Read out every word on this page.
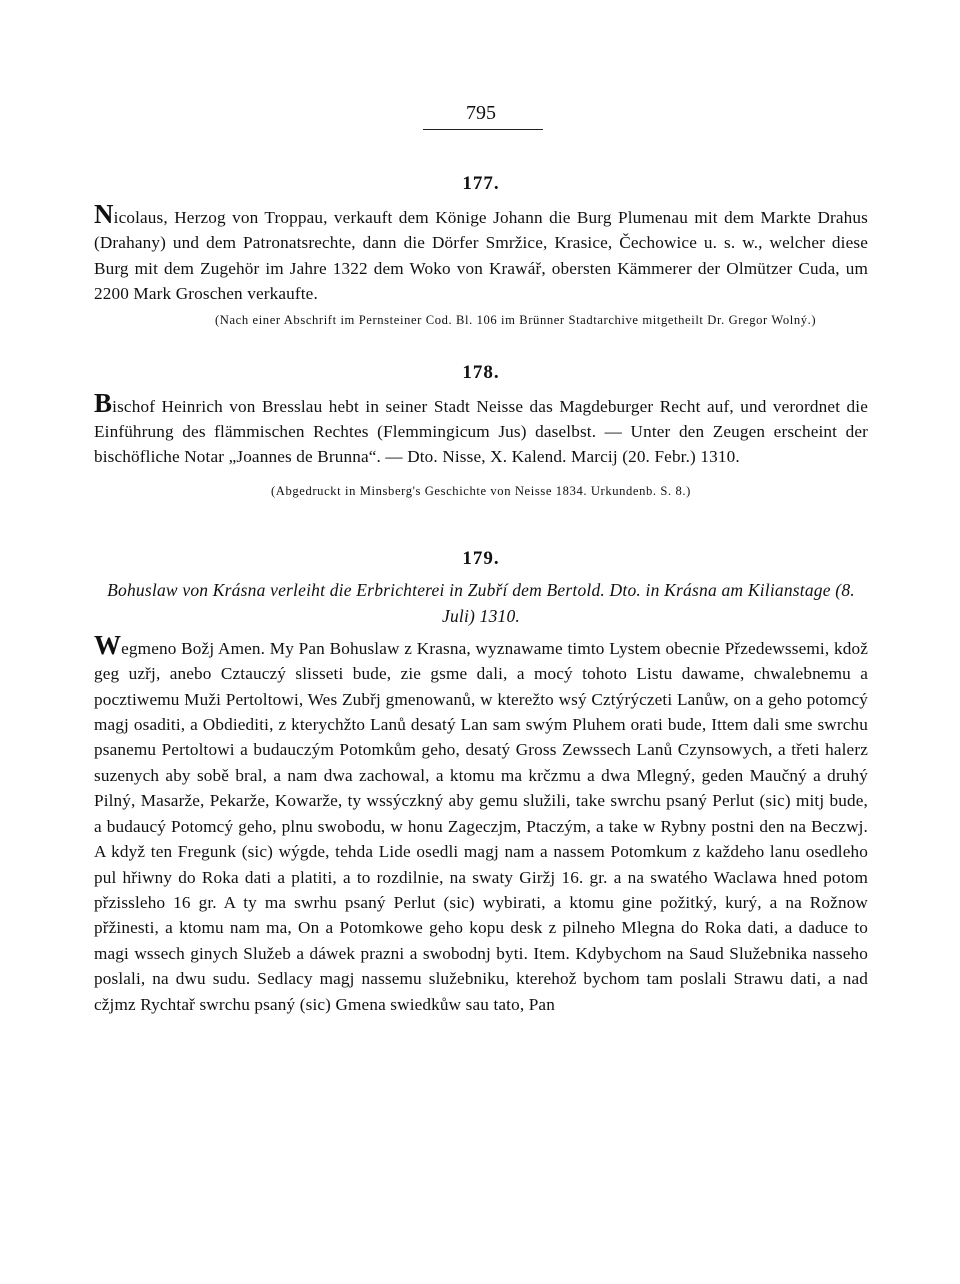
795
177.

Nicolaus, Herzog von Troppau, verkauft dem Könige Johann die Burg Plumenau mit dem Markte Drahus (Drahany) und dem Patronatsrechte, dann die Dörfer Smržice, Krasice, Čechowice u. s. w., welcher diese Burg mit dem Zugehör im Jahre 1322 dem Woko von Krawář, obersten Kämmerer der Olmützer Cuda, um 2200 Mark Groschen verkaufte.

(Nach einer Abschrift im Pernsteiner Cod. Bl. 106 im Brünner Stadtarchive mitgetheilt Dr. Gregor Wolný.)

178.

Bischof Heinrich von Bresslau hebt in seiner Stadt Neisse das Magdeburger Recht auf, und verordnet die Einführung des flämmischen Rechtes (Flemmingicum Jus) daselbst. — Unter den Zeugen erscheint der bischöfliche Notar „Joannes de Brunna“. — Dto. Nisse, X. Kalend. Marcij (20. Febr.) 1310.

(Abgedruckt in Minsberg's Geschichte von Neisse 1834. Urkundenb. S. 8.)

179.
Bohuslaw von Krásna verleiht die Erbrichterei in Zubří dem Bertold. Dto. in Krásna am Kilianstage (8. Juli) 1310.

Wegmeno Božj Amen. My Pan Bohuslaw z Krasna, wyznawame timto Lystem obecnie Přzedewssemi, kdož geg uzřj, anebo Cztauczý slisseti bude, zie gsme dali, a mocý tohoto Listu dawame, chwalebnemu a pocztiwemu Muži Pertoltowi, Wes Zubřj gmenowanů, w kterežto wsý Cztýrýczeti Lanůw, on a geho potomcý magj osaditi, a Obdiediti, z kterychžto Lanů desatý Lan sam swým Pluhem orati bude, Ittem dali sme swrchu psanemu Pertoltowi a budauczým Potomkům geho, desatý Gross Zewssech Lanů Czynsowych, a třeti halerz suzenych aby sobě bral, a nam dwa zachowal, a ktomu ma krčzmu a dwa Mlegný, geden Maučný a druhý Pilný, Masarže, Pekarže, Kowarže, ty wssýczkný aby gemu služili, take swrchu psaný Perlut (sic) mitj bude, a budaucý Potomcý geho, plnu swobodu, w honu Zageczjm, Ptaczým, a take w Rybny postni den na Beczwj. A když ten Fregunk (sic) wýgde, tehda Lide osedli magj nam a nassem Potomkum z každeho lanu osedleho pul hřiwny do Roka dati a platiti, a to rozdilnie, na swaty Giržj 16. gr. a na swatého Waclawa hned potom přzissleho 16 gr. A ty ma swrhu psaný Perlut (sic) wybirati, a ktomu gine požitký, kurý, a na Rožnow přžinesti, a ktomu nam ma, On a Potomkowe geho kopu desk z pilneho Mlegna do Roka dati, a daduce to magi wssech ginych Služeb a dáwek prazni a swobodnj byti. Item. Kdybychom na Saud Služebnika nasseho poslali, na dwu sudu. Sedlacy magj nassemu služebniku, kterehož bychom tam poslali Strawu dati, a nad cžjmz Rychtař swrchu psaný (sic) Gmena swiedkůw sau tato, Pan
